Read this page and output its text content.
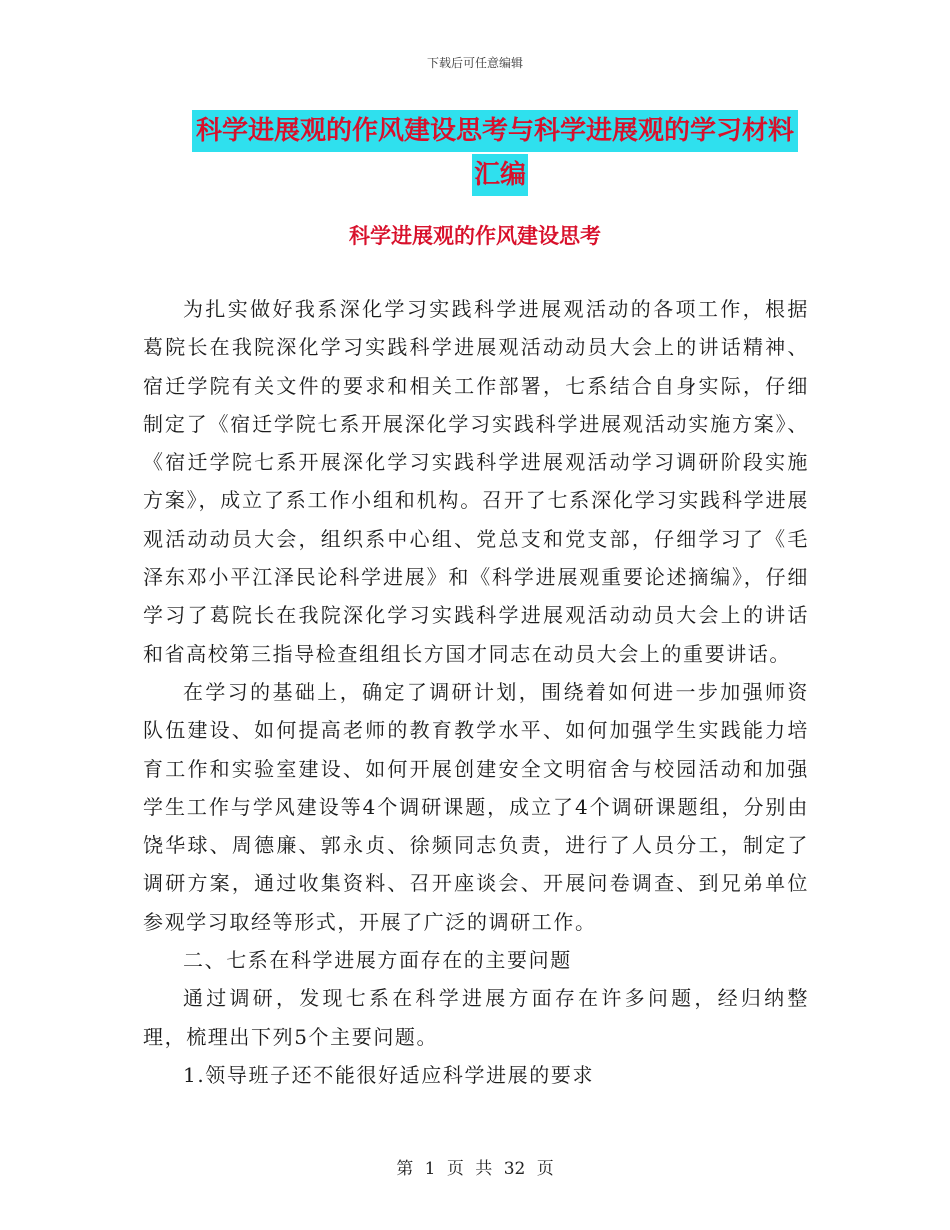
下载后可任意编辑
科学进展观的作风建设思考与科学进展观的学习材料
汇编
科学进展观的作风建设思考

为扎实做好我系深化学习实践科学进展观活动的各项工作，根据葛院长在我院深化学习实践科学进展观活动动员大会上的讲话精神、宿迁学院有关文件的要求和相关工作部署，七系结合自身实际，仔细制定了《宿迁学院七系开展深化学习实践科学进展观活动实施方案》、《宿迁学院七系开展深化学习实践科学进展观活动学习调研阶段实施方案》，成立了系工作小组和机构。召开了七系深化学习实践科学进展观活动动员大会，组织系中心组、党总支和党支部，仔细学习了《毛泽东邓小平江泽民论科学进展》和《科学进展观重要论述摘编》，仔细学习了葛院长在我院深化学习实践科学进展观活动动员大会上的讲话和省高校第三指导检查组组长方国才同志在动员大会上的重要讲话。

在学习的基础上，确定了调研计划，围绕着如何进一步加强师资队伍建设、如何提高老师的教育教学水平、如何加强学生实践能力培育工作和实验室建设、如何开展创建安全文明宿舍与校园活动和加强学生工作与学风建设等4个调研课题，成立了4个调研课题组，分别由饶华球、周德廉、郭永贞、徐频同志负责，进行了人员分工，制定了调研方案，通过收集资料、召开座谈会、开展问卷调查、到兄弟单位参观学习取经等形式，开展了广泛的调研工作。

二、七系在科学进展方面存在的主要问题

通过调研，发现七系在科学进展方面存在许多问题，经归纳整理，梳理出下列5个主要问题。

1.领导班子还不能很好适应科学进展的要求

第 1 页 共 32 页
